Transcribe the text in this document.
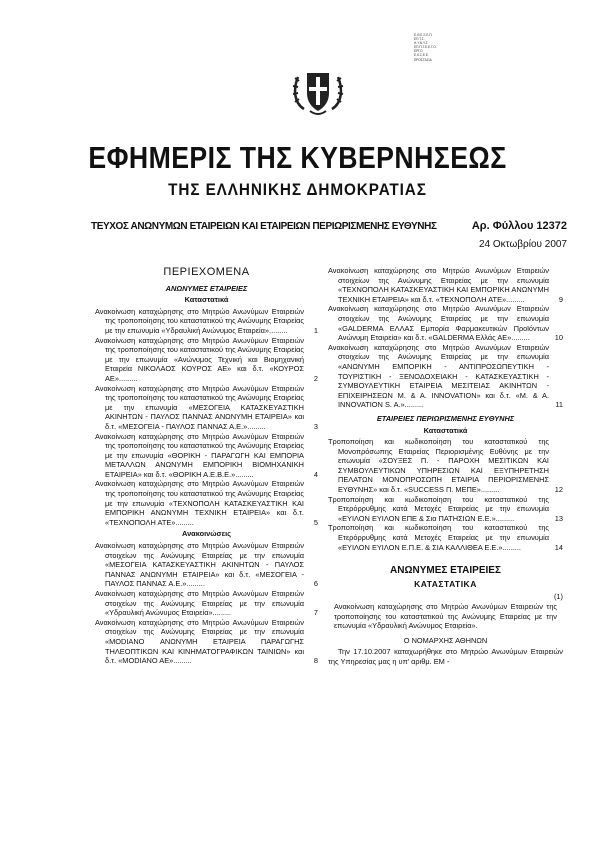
Ε.Θ.Ε.Σ.Ε.Π.
ΕΠ.Τ.Σ.
Η.Υ.Ν.Υ.Σ
ΕΠ.Π.Τ.Ε.Ε.Γ.Ο.
ΕΡΓΟ
Ε.Κ.Σ.Ε.Ε.
ΠΡΟΣΤΑΣΙΑ
ΕΦΗΜΕΡΙΣ ΤΗΣ ΚΥΒΕΡΝΗΣΕΩΣ
ΤΗΣ ΕΛΛΗΝΙΚΗΣ ΔΗΜΟΚΡΑΤΙΑΣ
ΤΕΥΧΟΣ ΑΝΩΝΥΜΩΝ ΕΤΑΙΡΕΙΩΝ ΚΑΙ ΕΤΑΙΡΕΙΩΝ ΠΕΡΙΩΡΙΣΜΕΝΗΣ ΕΥΘΥΝΗΣ	Αρ. Φύλλου 12372
24 Οκτωβρίου 2007
ΠΕΡΙΕΧΟΜΕΝΑ
ΑΝΩΝΥΜΕΣ ΕΤΑΙΡΕΙΕΣ
Καταστατικά

Ανακοίνωση καταχώρησης στο Μητρώο Ανωνύμων Εταιρειών της τροποποίησης του καταστατικού της Ανώνυμης Εταιρείας με την επωνυμία «Υδραυλική Ανώνυμος Εταιρεία».........	1

Ανακοίνωση καταχώρησης στο Μητρώο Ανωνύμων Εταιρειών της τροποποίησης του καταστατικού της Ανώνυμης Εταιρείας με την επωνυμία «Ανώνυμος Τεχνική και Βιομηχανική Εταιρεία ΝΙΚΟΛΑΟΣ ΚΟΥΡΟΣ ΑΕ» και δ.τ. «ΚΟΥΡΟΣ ΑΕ».........	2

Ανακοίνωση καταχώρησης στο Μητρώο Ανωνύμων Εταιρειών της τροποποίησης του καταστατικού της Ανώνυμης Εταιρείας με την επωνυμία «ΜΕΣΟΓΕΙΑ ΚΑΤΑΣΚΕΥΑΣΤΙΚΗ ΑΚΙΝΗΤΩΝ - ΠΑΥΛΟΣ ΠΑΝΝΑΣ ΑΝΩΝΥΜΗ ΕΤΑΙΡΕΙΑ» και δ.τ. «ΜΕΣΟΓΕΙΑ - ΠΑΥΛΟΣ ΠΑΝΝΑΣ Α.Ε.».........	3

Ανακοίνωση καταχώρησης στο Μητρώο Ανωνύμων Εταιρειών της τροποποίησης του καταστατικού της Ανώνυμης Εταιρείας με την επωνυμία «ΘΟΡΙΚΗ - ΠΑΡΑΓΩΓΗ ΚΑΙ ΕΜΠΟΡΙΑ ΜΕΤΑΛΛΩΝ ΑΝΩΝΥΜΗ ΕΜΠΟΡΙΚΗ ΒΙΟΜΗΧΑΝΙΚΗ ΕΤΑΙΡΕΙΑ» και δ.τ. «ΘΟΡΙΚΗ Α.Ε.Β.Ε.».........	4

Ανακοίνωση καταχώρησης στο Μητρώο Ανωνύμων Εταιρειών της τροποποίησης του καταστατικού της Ανώνυμης Εταιρείας με την επωνυμία «ΤΕΧΝΟΠΟΛΗ ΚΑΤΑΣΚΕΥΑΣΤΙΚΗ ΚΑΙ ΕΜΠΟΡΙΚΗ ΑΝΩΝΥΜΗ ΤΕΧΝΙΚΗ ΕΤΑΙΡΕΙΑ» και δ.τ. «ΤΕΧΝΟΠΟΛΗ ΑΤΕ».........	5

Ανακοινώσεις

Ανακοίνωση καταχώρησης στο Μητρώο Ανωνύμων Εταιρειών στοιχείων της Ανώνυμης Εταιρείας με την επωνυμία «ΜΕΣΟΓΕΙΑ ΚΑΤΑΣΚΕΥΑΣΤΙΚΗ ΑΚΙΝΗΤΩΝ - ΠΑΥΛΟΣ ΠΑΝΝΑΣ ΑΝΩΝΥΜΗ ΕΤΑΙΡΕΙΑ» και δ.τ. «ΜΕΣΟΓΕΙΑ - ΠΑΥΛΟΣ ΠΑΝΝΑΣ Α.Ε.».........	6

Ανακοίνωση καταχώρησης στο Μητρώο Ανωνύμων Εταιρειών στοιχείων της Ανώνυμης Εταιρείας με την επωνυμία «Υδραυλική Ανώνυμος Εταιρεία».........	7

Ανακοίνωση καταχώρησης στο Μητρώο Ανωνύμων Εταιρειών στοιχείων της Ανώνυμης Εταιρείας με την επωνυμία «MODIANO ΑΝΩΝΥΜΗ ΕΤΑΙΡΕΙΑ ΠΑΡΑΓΩΓΗΣ ΤΗΛΕΟΠΤΙΚΩΝ ΚΑΙ ΚΙΝΗΜΑΤΟΓΡΑΦΙΚΩΝ ΤΑΙΝΙΩΝ» και δ.τ. «MODIANO AE».........	8

Ανακοίνωση καταχώρησης στο Μητρώο Ανωνύμων Εταιρειών στοιχείων της Ανώνυμης Εταιρείας με την επωνυμία «ΤΕΧΝΟΠΟΛΗ ΚΑΤΑΣΚΕΥΑΣΤΙΚΗ ΚΑΙ ΕΜΠΟΡΙΚΗ ΑΝΩΝΥΜΗ ΤΕΧΝΙΚΗ ΕΤΑΙΡΕΙΑ» και δ.τ. «ΤΕΧΝΟΠΟΛΗ ΑΤΕ».........	9

Ανακοίνωση καταχώρησης στο Μητρώο Ανωνύμων Εταιρειών στοιχείων της Ανώνυμης Εταιρείας με την επωνυμία «GALDERMA ΕΛΛΑΣ Εμπορία Φαρμακευτικών Προϊόντων Ανώνυμη Εταιρεία» και δ.τ. «GALDERMA Ελλάς ΑΕ».........	10

Ανακοίνωση καταχώρησης στο Μητρώο Ανωνύμων Εταιρειών στοιχείων της Ανώνυμης Εταιρείας με την επωνυμία «ΑΝΩΝΥΜΗ ΕΜΠΟΡΙΚΗ - ΑΝΤΙΠΡΟΣΩΠΕΥΤΙΚΗ - ΤΟΥΡΙΣΤΙΚΗ - ΞΕΝΟΔΟΧΕΙΑΚΗ - ΚΑΤΑΣΚΕΥΑΣΤΙΚΗ - ΣΥΜΒΟΥΛΕΥΤΙΚΗ ΕΤΑΙΡΕΙΑ ΜΕΣΙΤΕΙΑΣ ΑΚΙΝΗΤΩΝ - ΕΠΙΧΕΙΡΗΣΕΩΝ Μ. & Α. INNOVATION» και δ.τ. «Μ. & Α. INNOVATION S. A.».........	11

ΕΤΑΙΡΕΙΕΣ ΠΕΡΙΩΡΙΣΜΕΝΗΣ ΕΥΘΥΝΗΣ
Καταστατικά

Τροποποίηση και κωδικοποίηση του καταστατικού της Μονοπρόσωπης Εταιρείας Περιορισμένης Ευθύνης με την επωνυμία «ΣΟΥΞΕΣ Π. - ΠΑΡΟΧΗ ΜΕΣΙΤΙΚΩΝ ΚΑΙ ΣΥΜΒΟΥΛΕΥΤΙΚΩΝ ΥΠΗΡΕΣΙΩΝ ΚΑΙ ΕΞΥΠΗΡΕΤΗΣΗ ΠΕΛΑΤΩΝ ΜΟΝΟΠΡΟΣΩΠΗ ΕΤΑΙΡΙΑ ΠΕΡΙΟΡΙΣΜΕΝΗΣ ΕΥΘΥΝΗΣ» και δ.τ. «SUCCESS Π. ΜΕΠΕ».........	12

Τροποποίηση και κωδικοποίηση του καταστατικού της Ετερόρρυθμης κατά Μετοχές Εταιρείας με την επωνυμία «ΕΥΙΛΟΝ ΕΥΙΛΟΝ ΕΠΕ & Σια ΠΑΤΗΣΙΩΝ Ε.Ε.».........	13

Τροποποίηση και κωδικοποίηση του καταστατικού της Ετερόρρυθμης κατά Μετοχές Εταιρείας με την επωνυμία «ΕΥΙΛΟΝ ΕΥΙΛΟΝ Ε.Π.Ε. & ΣΙΑ ΚΑΛΛΙΘΕΑ Ε.Ε.».........	14

ΑΝΩΝΥΜΕΣ ΕΤΑΙΡΕΙΕΣ
ΚΑΤΑΣΤΑΤΙΚΑ
(1)
Ανακοίνωση καταχώρησης στο Μητρώο Ανωνύμων Εταιρειών της τροποποίησης του καταστατικού της Ανώνυμης Εταιρείας με την επωνυμία «Υδραυλική Ανώνυμος Εταιρεία».
Ο ΝΟΜΑΡΧΗΣ ΑΘΗΝΩΝ

Την 17.10.2007 καταχωρήθηκε στο Μητρώο Ανωνύμων Εταιρειών της Υπηρεσίας μας η υπ' αριθμ. ΕΜ -
